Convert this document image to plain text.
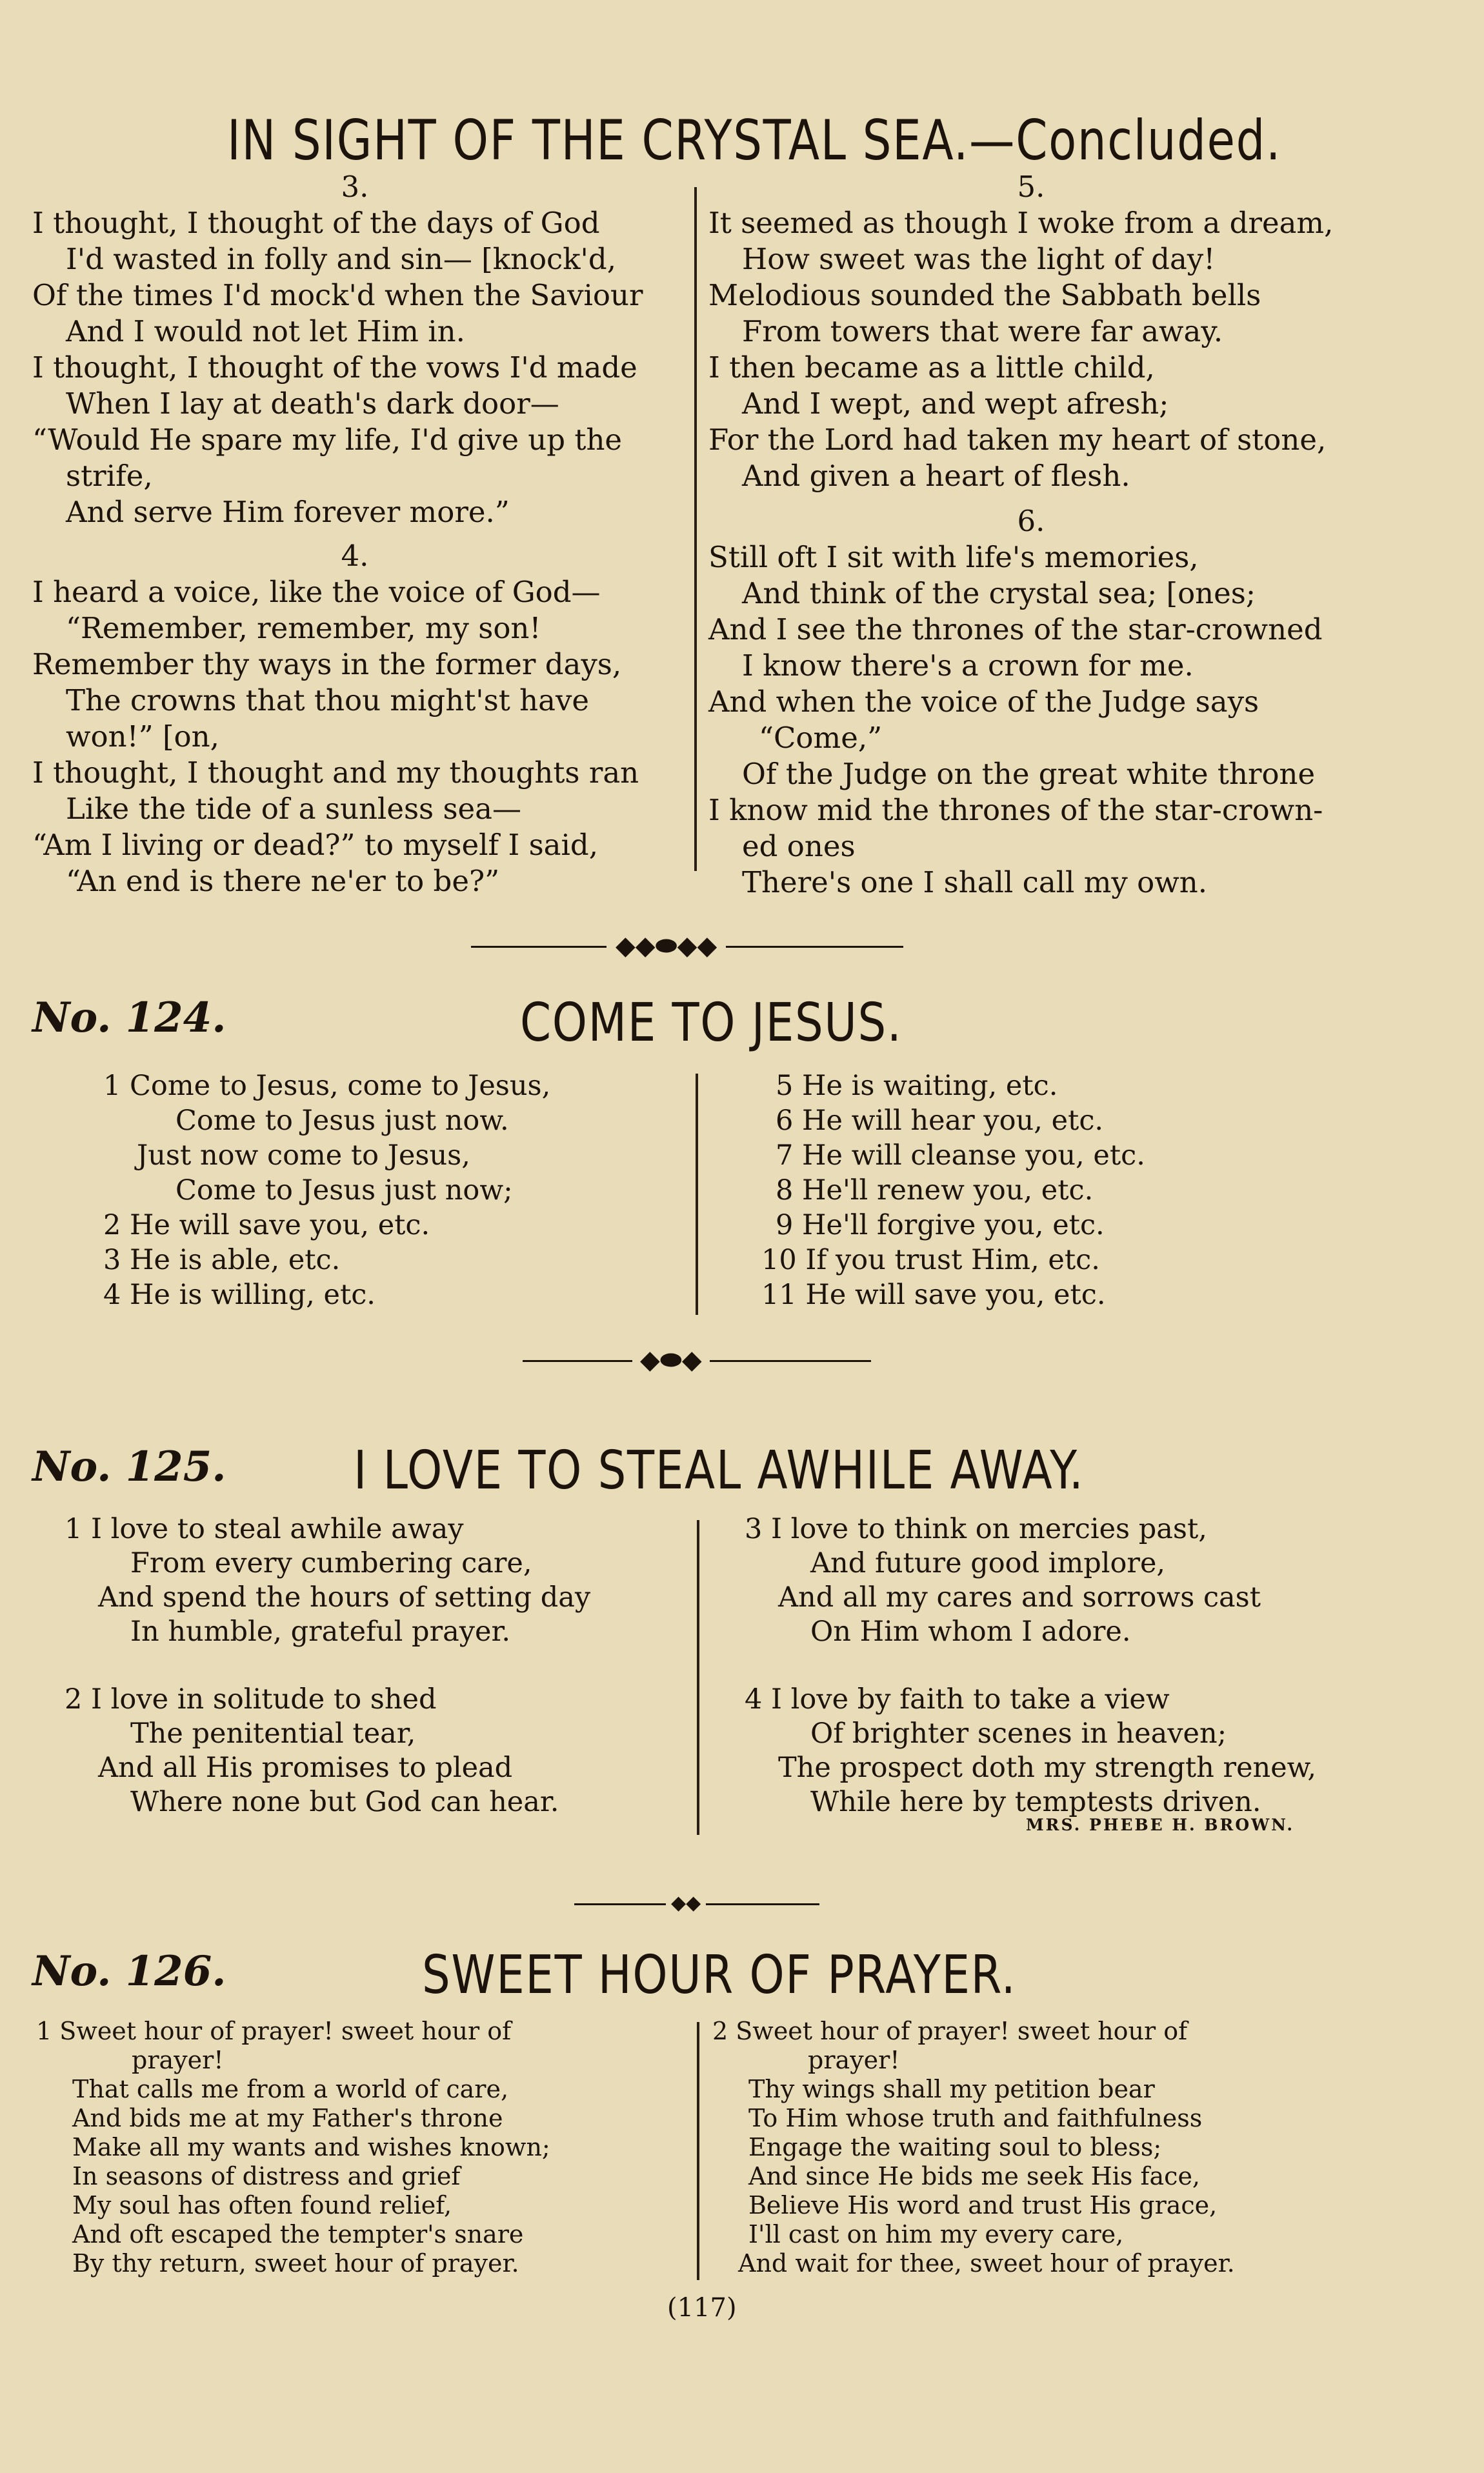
IN SIGHT OF THE CRYSTAL SEA.—Concluded.
3.
I thought, I thought of the days of God
I'd wasted in folly and sin— [knock'd,
Of the times I'd mock'd when the Saviour
And I would not let Him in.
I thought, I thought of the vows I'd made
When I lay at death's dark door—
“Would He spare my life, I'd give up the
strife,
And serve Him forever more.”
4.
I heard a voice, like the voice of God—
“Remember, remember, my son!
Remember thy ways in the former days,
The crowns that thou might'st have
won!” [on,
I thought, I thought and my thoughts ran
Like the tide of a sunless sea—
“Am I living or dead?” to myself I said,
“An end is there ne'er to be?”
5.
It seemed as though I woke from a dream,
How sweet was the light of day!
Melodious sounded the Sabbath bells
From towers that were far away.
I then became as a little child,
And I wept, and wept afresh;
For the Lord had taken my heart of stone,
And given a heart of flesh.
6.
Still oft I sit with life's memories,
And think of the crystal sea; [ones;
And I see the thrones of the star-crowned
I know there's a crown for me.
And when the voice of the Judge says
“Come,”
Of the Judge on the great white throne
I know mid the thrones of the star-crown-
ed ones
There's one I shall call my own.
◆◆⬬◆◆
No. 124.	COME TO JESUS.
1 Come to Jesus, come to Jesus,
Come to Jesus just now.
Just now come to Jesus,
Come to Jesus just now;
2 He will save you, etc.
3 He is able, etc.
4 He is willing, etc.
5 He is waiting, etc.
6 He will hear you, etc.
7 He will cleanse you, etc.
8 He'll renew you, etc.
9 He'll forgive you, etc.
10 If you trust Him, etc.
11 He will save you, etc.
◆⬬◆
No. 125. I LOVE TO STEAL AWHILE AWAY.
1 I love to steal awhile away
From every cumbering care,
And spend the hours of setting day
In humble, grateful prayer.
2 I love in solitude to shed
The penitential tear,
And all His promises to plead
Where none but God can hear.
3 I love to think on mercies past,
And future good implore,
And all my cares and sorrows cast
On Him whom I adore.
4 I love by faith to take a view
Of brighter scenes in heaven;
The prospect doth my strength renew,
While here by temptests driven.
MRS. PHEBE H. BROWN.
◆◆
No. 126.	SWEET HOUR OF PRAYER.
1 Sweet hour of prayer! sweet hour of
prayer!
That calls me from a world of care,
And bids me at my Father's throne
Make all my wants and wishes known;
In seasons of distress and grief
My soul has often found relief,
And oft escaped the tempter's snare
By thy return, sweet hour of prayer.
2 Sweet hour of prayer! sweet hour of
prayer!
Thy wings shall my petition bear
To Him whose truth and faithfulness
Engage the waiting soul to bless;
And since He bids me seek His face,
Believe His word and trust His grace,
I'll cast on him my every care,
And wait for thee, sweet hour of prayer.
(117)
